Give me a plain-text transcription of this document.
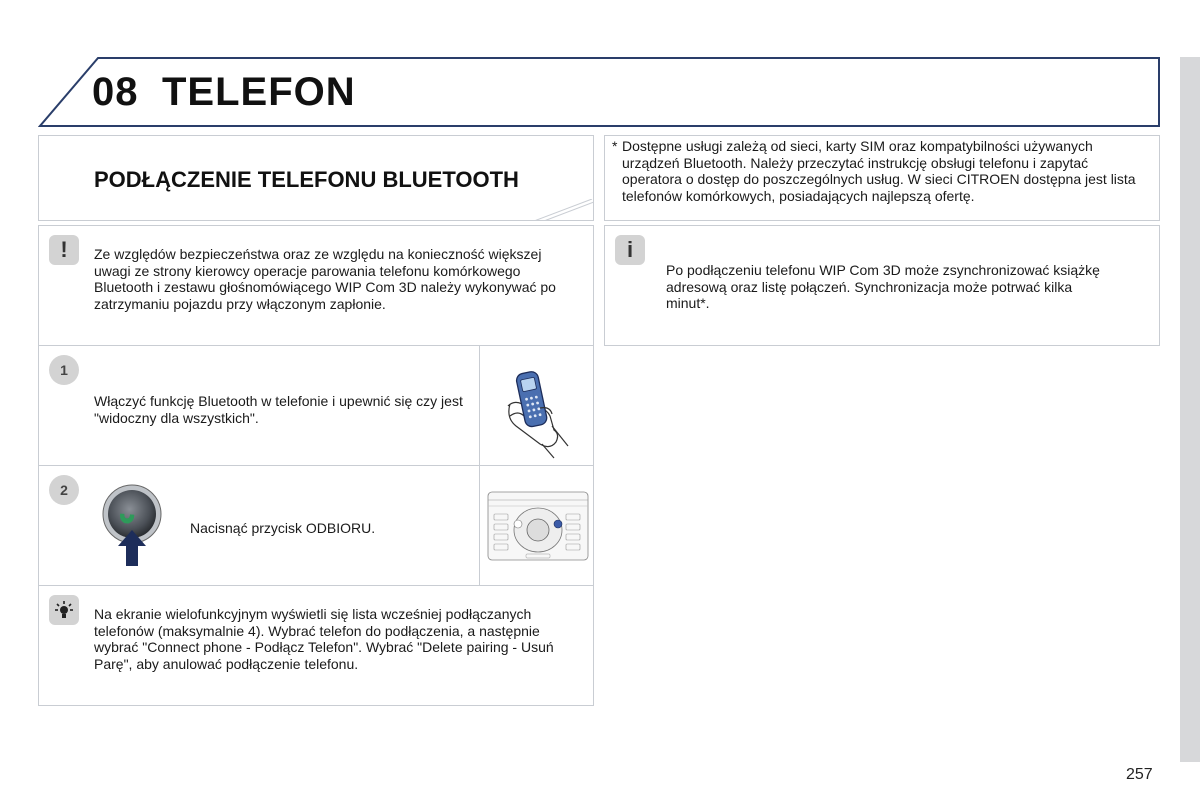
08 TELEFON
PODŁĄCZENIE TELEFONU BLUETOOTH
* Dostępne usługi zależą od sieci, karty SIM oraz kompatybilności używanych urządzeń Bluetooth. Należy przeczytać instrukcję obsługi telefonu i zapytać operatora o dostęp do poszczególnych usług. W sieci CITROEN dostępna jest lista telefonów komórkowych, posiadających najlepszą ofertę.
! Ze względów bezpieczeństwa oraz ze względu na konieczność większej uwagi ze strony kierowcy operacje parowania telefonu komórkowego Bluetooth i zestawu głośnomówiącego WIP Com 3D należy wykonywać po zatrzymaniu pojazdu przy włączonym zapłonie.
i
Po podłączeniu telefonu WIP Com 3D może zsynchronizować książkę adresową oraz listę połączeń. Synchronizacja może potrwać kilka minut*.
1
Włączyć funkcję Bluetooth w telefonie i upewnić się czy jest "widoczny dla wszystkich".
2
Nacisnąć przycisk ODBIORU.
Na ekranie wielofunkcyjnym wyświetli się lista wcześniej podłączanych telefonów (maksymalnie 4). Wybrać telefon do podłączenia, a następnie wybrać "Connect phone - Podłącz Telefon". Wybrać "Delete pairing - Usuń Parę", aby anulować podłączenie telefonu.
257
